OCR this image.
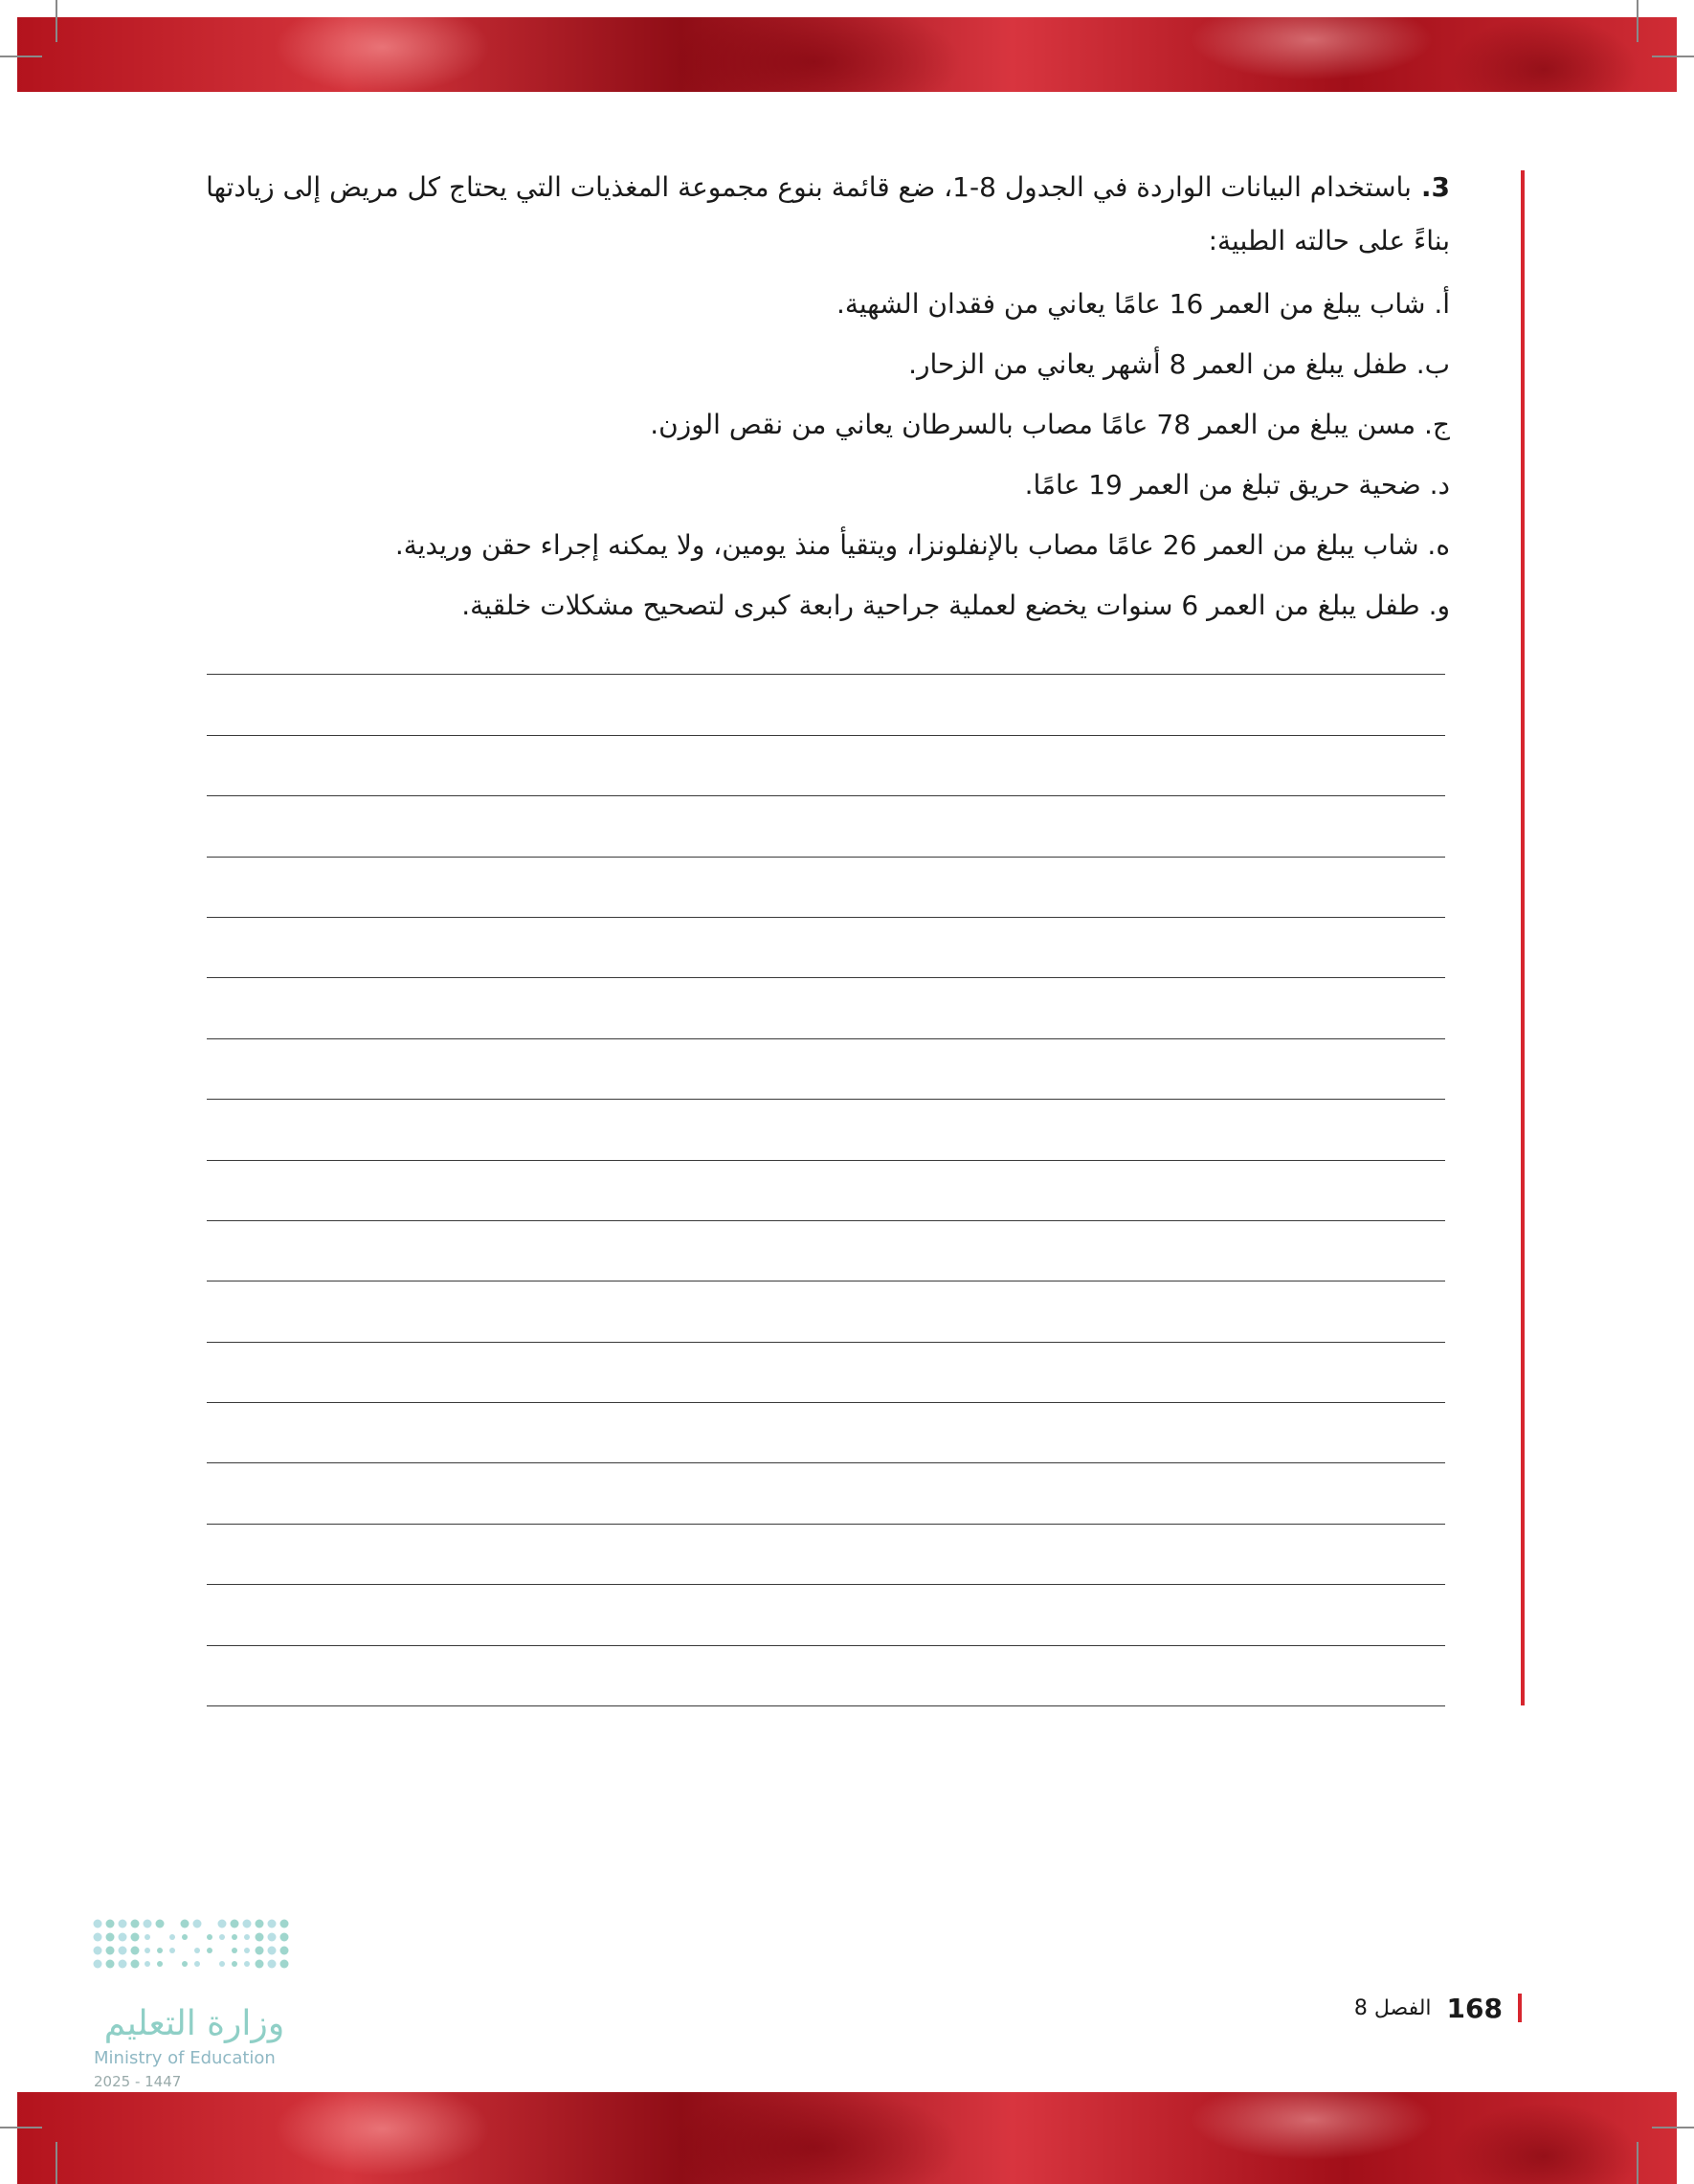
3.باستخدام البيانات الواردة في الجدول 8-1، ضع قائمة بنوع مجموعة المغذيات التي يحتاج كل مريض إلى زيادتها بناءً على حالته الطبية:

أ. شاب يبلغ من العمر 16 عامًا يعاني من فقدان الشهية.
ب. طفل يبلغ من العمر 8 أشهر يعاني من الزحار.
ج. مسن يبلغ من العمر 78 عامًا مصاب بالسرطان يعاني من نقص الوزن.
د. ضحية حريق تبلغ من العمر 19 عامًا.
ه. شاب يبلغ من العمر 26 عامًا مصاب بالإنفلونزا، ويتقيأ منذ يومين، ولا يمكنه إجراء حقن وريدية.
و. طفل يبلغ من العمر 6 سنوات يخضع لعملية جراحية رابعة كبرى لتصحيح مشكلات خلقية.
168
الفصل 8
وزارة التعليم
Ministry of Education
2025 - 1447
